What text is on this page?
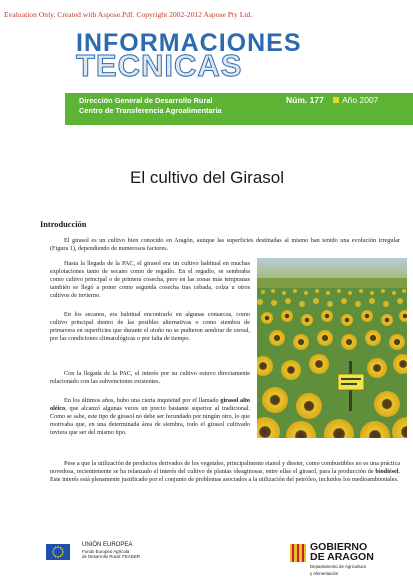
Evaluation Only. Created with Aspose.Pdf. Copyright 2002-2012 Aspose Pty Ltd.
INFORMACIONES
TECNICAS
Dirección General de Desarrollo Rural
Centro de Transferencia Agroalimentaria
Núm. 177 Año 2007
El cultivo del Girasol
Introducción

El girasol es un cultivo bien conocido en Aragón, aunque las superficies destinadas al mismo han tenido una evolución irregular (Figura 1), dependiendo de numerosos factores.

Hasta la llegada de la PAC, el girasol era un cultivo habitual en muchas explotaciones tanto de secano como de regadío. En el regadío, se sembraba como cultivo principal o de primera cosecha, pero en las zonas más tempranas también se llegó a poner como segunda cosecha tras cebada, colza u otros cultivos de invierno.

En los secanos, era habitual encontrarlo en algunas comarcas, como cultivo principal dentro de las posibles alternativas o como siembra de primavera en superficies que durante el otoño no se pudieron sembrar de cereal, por las condiciones climatológicas o por falta de tiempo.

Con la llegada de la PAC, el interés por su cultivo estuvo directamente relacionado con las subvenciones existentes.

En los últimos años, hubo una cierta inquietud por el llamado girasol alto oléico, que alcanzó algunas veces un precio bastante superior al tradicional. Como se sabe, este tipo de girasol no debe ser fecundado por ningún otro, lo que motivaba que, en una determinada área de siembra, todo el girasol cultivado tuviera que ser del mismo tipo.

Pese a que la utilización de productos derivados de los vegetales, principalmente etanol y diester, como combustibles no es una práctica novedosa, recientemente se ha relanzado el interés del cultivo de plantas oleaginosas, entre ellas el girasol, para la producción de biodiésel. Este interés está plenamente justificado por el conjunto de problemas asociados a la utilización del petróleo, incluidos los medioambientales.

UNIÓN EUROPEA
Fondo Europeo Agrícola
de Desarrollo Rural: FEADER
GOBIERNO
DE ARAGON
Departamento de Agricultura
y Alimentación
